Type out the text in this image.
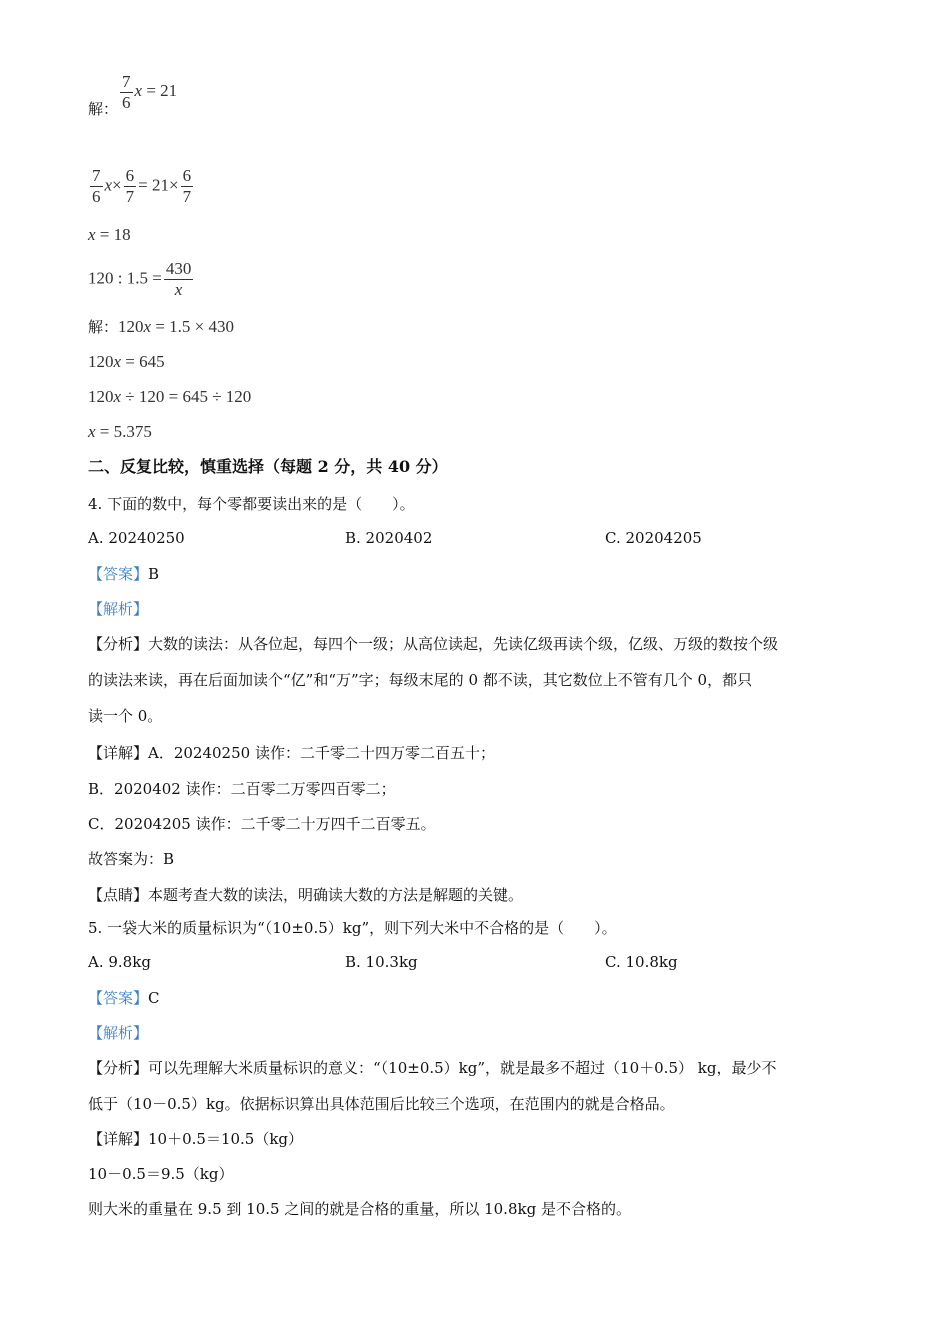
解： $\frac{7}{6}$ x = 21
$\frac{7}{6} x\times \frac{6}{7} = 21\times \frac{6}{7}$
x = 18
120 : $1.5 = \frac{430}{x}$
解：120x = 1.5 × 430
120x = 645
120x ÷ 120 = 645 ÷ 120
x = 5.375
二、反复比较，慎重选择（每题 2 分，共 40 分）
4. 下面的数中，每个零都要读出来的是（　　）。
A. 20240250	B. 2020402	C. 20204205
【答案】B
【解析】
【分析】大数的读法：从各位起，每四个一级；从高位读起，先读亿级再读个级，亿级、万级的数按个级
的读法来读，再在后面加读个“亿”和“万”字；每级末尾的 0 都不读，其它数位上不管有几个 0，都只
读一个 0。
【详解】A．20240250 读作：二千零二十四万零二百五十；
B．2020402 读作：二百零二万零四百零二；
C．20204205 读作：二千零二十万四千二百零五。
故答案为：B
【点睛】本题考查大数的读法，明确读大数的方法是解题的关键。
5. 一袋大米的质量标识为“（10±0.5）kg”，则下列大米中不合格的是（　　）。
A. 9.8kg	B. 10.3kg	C. 10.8kg
【答案】C
【解析】
【分析】可以先理解大米质量标识的意义：“（10±0.5）kg”，就是最多不超过（10＋0.5） kg，最少不
低于（10－0.5）kg。依据标识算出具体范围后比较三个选项，在范围内的就是合格品。
【详解】10＋0.5＝10.5（kg）
10－0.5＝9.5（kg）
则大米的重量在 9.5 到 10.5 之间的就是合格的重量，所以 10.8kg 是不合格的。
